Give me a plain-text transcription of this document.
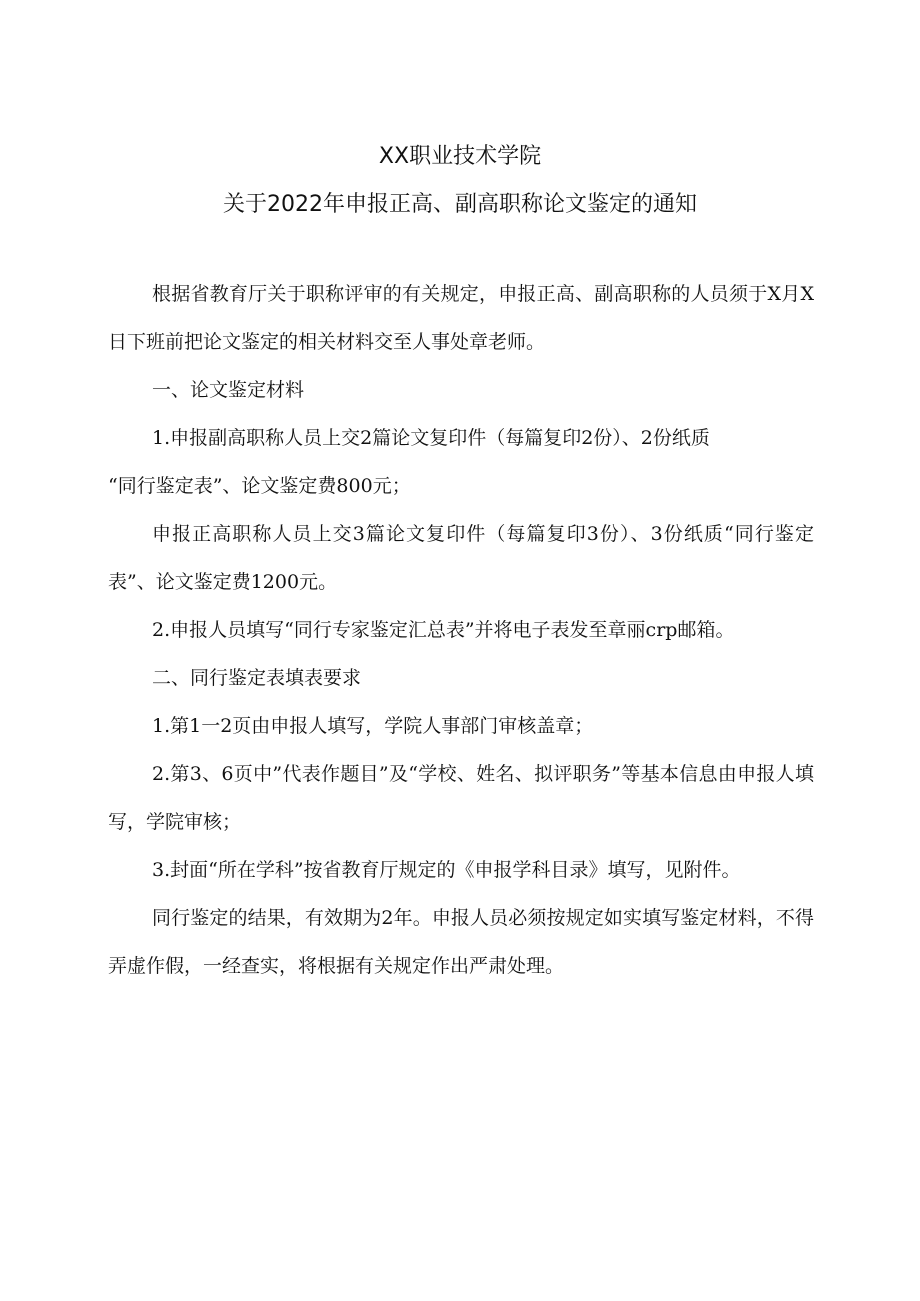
XX职业技术学院
关于2022年申报正高、副高职称论文鉴定的通知

根据省教育厅关于职称评审的有关规定，申报正高、副高职称的人员须于X月X日下班前把论文鉴定的相关材料交至人事处章老师。

一、论文鉴定材料

1.申报副高职称人员上交2篇论文复印件（每篇复印2份）、2份纸质

“同行鉴定表”、论文鉴定费800元；

申报正高职称人员上交3篇论文复印件（每篇复印3份）、3份纸质“同行鉴定表”、论文鉴定费1200元。

2.申报人员填写“同行专家鉴定汇总表”并将电子表发至章丽crp邮箱。

二、同行鉴定表填表要求

1.第1一2页由申报人填写，学院人事部门审核盖章；

2.第3、6页中”代表作题目”及“学校、姓名、拟评职务”等基本信息由申报人填写，学院审核；

3.封面“所在学科”按省教育厅规定的《申报学科目录》填写，见附件。

同行鉴定的结果，有效期为2年。申报人员必须按规定如实填写鉴定材料，不得弄虚作假，一经查实，将根据有关规定作出严肃处理。
